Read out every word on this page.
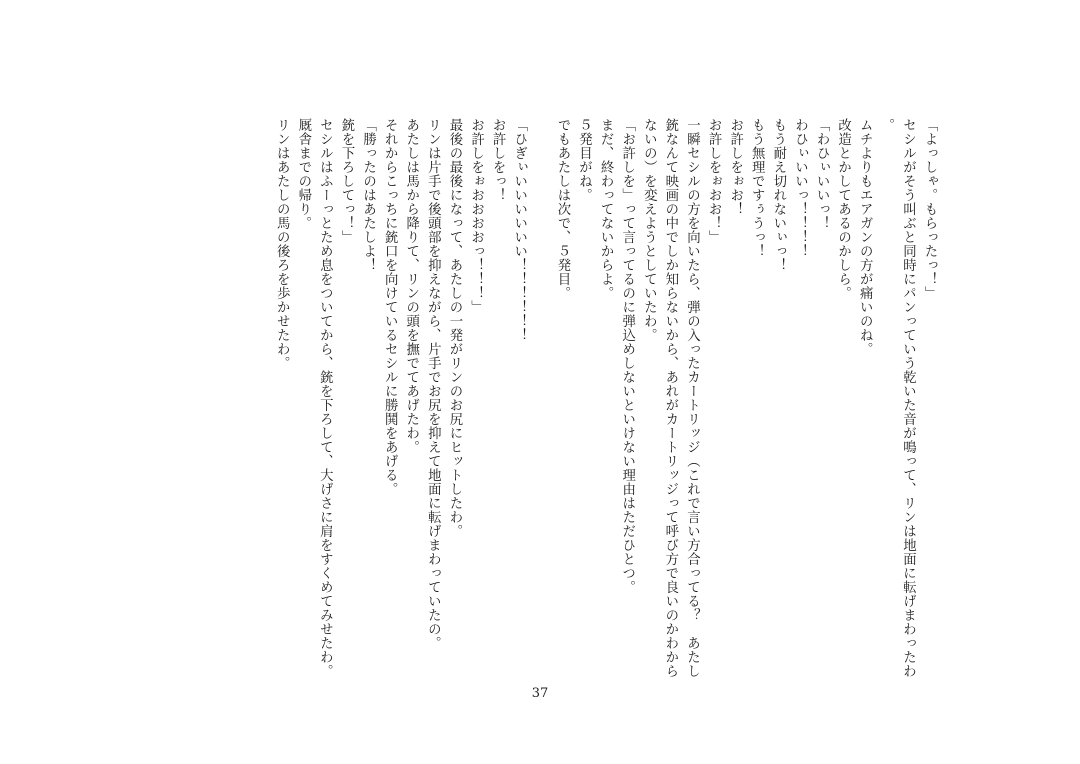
「よっしゃ。もらったっ！」
セシルがそう叫ぶと同時にパンっていう乾いた音が鳴って、リンは地面に転げまわったわ。
ムチよりもエアガンの方が痛いのね。
改造とかしてあるのかしら。
「わひぃいいっ！
わひぃいいっ！！！！
もう耐え切れないぃっ！
もう無理ですぅうっ！
お許しをぉお！
お許しをぉおお！」
一瞬セシルの方を向いたら、弾の入ったカートリッジ（これで言い方合ってる？　あたし銃なんて映画の中でしか知らないから、あれがカートリッジって呼び方で良いのかわからないの）を変えようとしていたわ。
「お許しを」って言ってるのに弾込めしないといけない理由はただひとつ。
まだ、終わってないからよ。
５発目がね。
でもあたしは次で、５発目。
「ひぎぃいいいいいい！！！！！！
お許しをっ！
お許しをぉおおおおっ！！！」
最後の最後になって、あたしの一発がリンのお尻にヒットしたわ。
リンは片手で後頭部を抑えながら、片手でお尻を抑えて地面に転げまわっていたの。
あたしは馬から降りて、リンの頭を撫でてあげたわ。
それからこっちに銃口を向けているセシルに勝鬨をあげる。
「勝ったのはあたしよ！
銃を下ろしてっ！」
セシルはふーっとため息をついてから、銃を下ろして、大げさに肩をすくめてみせたわ。
厩舎までの帰り。
リンはあたしの馬の後ろを歩かせたわ。
37
